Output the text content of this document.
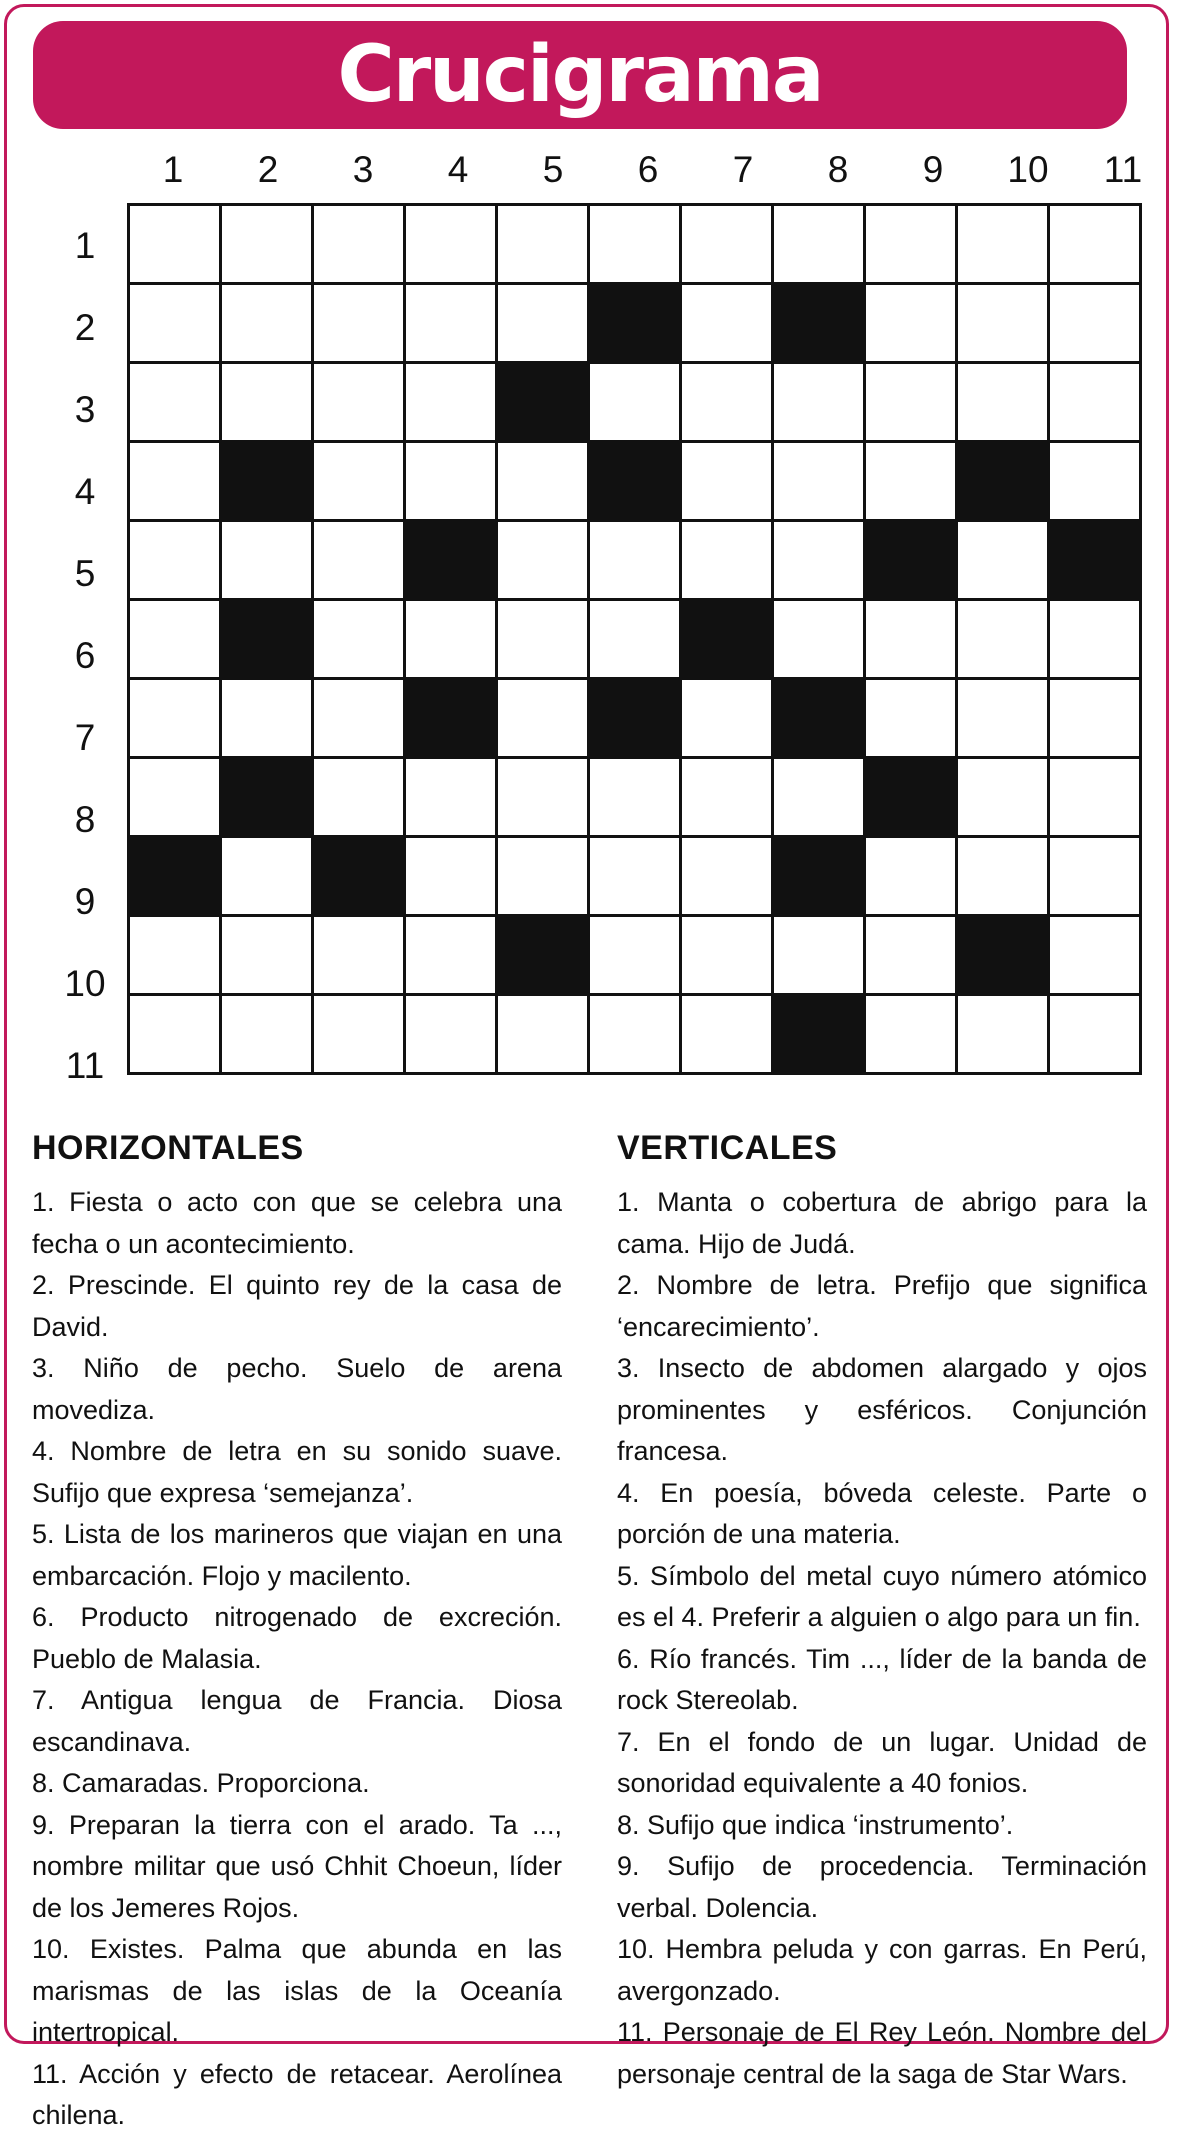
Crucigrama
1	2	3	4	5	6	7	8	9	10	11
1
2
3
4
5
6
7
8
9
10
11
HORIZONTALES

1. Fiesta o acto con que se celebra una fecha o un acontecimiento.

2. Prescinde. El quinto rey de la casa de David.

3. Niño de pecho. Suelo de arena movediza.

4. Nombre de letra en su sonido suave. Sufijo que expresa ‘semejanza’.

5. Lista de los marineros que viajan en una embarcación. Flojo y macilento.

6. Producto nitrogenado de excreción. Pueblo de Malasia.

7. Antigua lengua de Francia. Diosa escandinava.

8. Camaradas. Proporciona.

9. Preparan la tierra con el arado. Ta ..., nombre militar que usó Chhit Choeun, líder de los Jemeres Rojos.

10. Existes. Palma que abunda en las marismas de las islas de la Oceanía intertropical.

11. Acción y efecto de retacear. Aerolínea chilena.

VERTICALES

1. Manta o cobertura de abrigo para la cama. Hijo de Judá.

2. Nombre de letra. Prefijo que significa ‘encarecimiento’.

3. Insecto de abdomen alargado y ojos prominentes y esféricos. Conjunción francesa.

4. En poesía, bóveda celeste. Parte o porción de una materia.

5. Símbolo del metal cuyo número atómico es el 4. Preferir a alguien o algo para un fin.

6. Río francés. Tim ..., líder de la banda de rock Stereolab.

7. En el fondo de un lugar. Unidad de sonoridad equivalente a 40 fonios.

8. Sufijo que indica ‘instrumento’.

9. Sufijo de procedencia. Terminación verbal. Dolencia.

10. Hembra peluda y con garras. En Perú, avergonzado.

11. Personaje de El Rey León. Nombre del personaje central de la saga de Star Wars.
